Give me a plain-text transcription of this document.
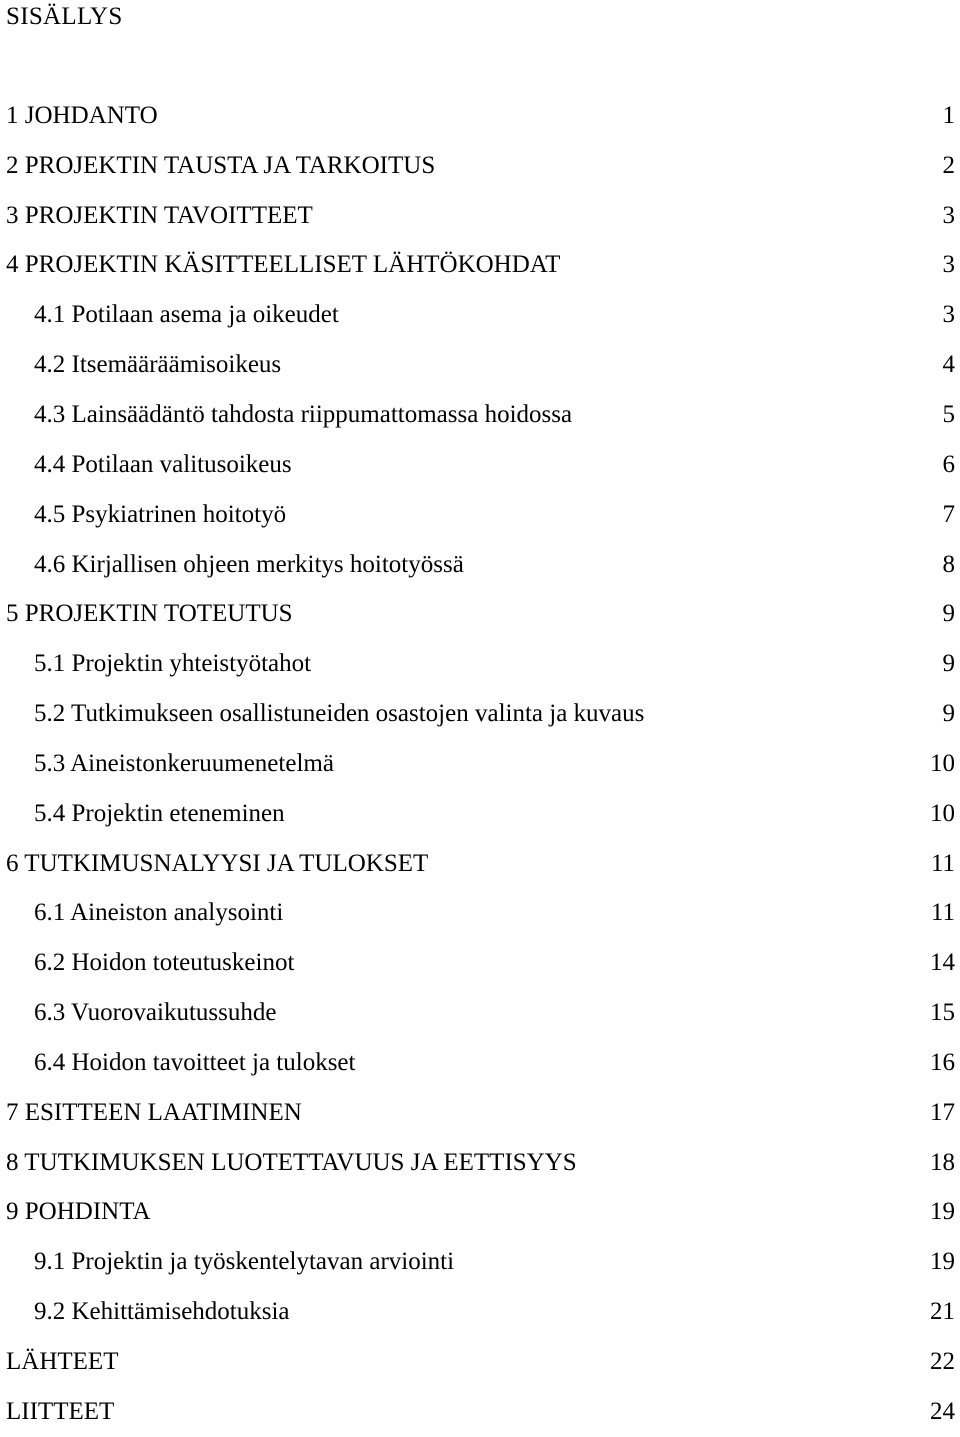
SISÄLLYS
1 JOHDANTO	1
2 PROJEKTIN TAUSTA JA TARKOITUS	2
3 PROJEKTIN TAVOITTEET	3
4 PROJEKTIN KÄSITTEELLISET LÄHTÖKOHDAT	3
4.1 Potilaan asema ja oikeudet	3
4.2 Itsemääräämisoikeus	4
4.3 Lainsäädäntö tahdosta riippumattomassa hoidossa	5
4.4 Potilaan valitusoikeus	6
4.5 Psykiatrinen hoitotyö	7
4.6 Kirjallisen ohjeen merkitys hoitotyössä	8
5 PROJEKTIN TOTEUTUS	9
5.1 Projektin yhteistyötahot	9
5.2 Tutkimukseen osallistuneiden osastojen valinta ja kuvaus	9
5.3 Aineistonkeruumenetelmä	10
5.4 Projektin eteneminen	10
6 TUTKIMUSNALYYSI JA TULOKSET	11
6.1 Aineiston analysointi	11
6.2 Hoidon toteutuskeinot	14
6.3 Vuorovaikutussuhde	15
6.4 Hoidon tavoitteet ja tulokset	16
7 ESITTEEN LAATIMINEN	17
8 TUTKIMUKSEN LUOTETTAVUUS JA EETTISYYS	18
9 POHDINTA	19
9.1 Projektin ja työskentelytavan arviointi	19
9.2 Kehittämisehdotuksia	21
LÄHTEET	22
LIITTEET	24
